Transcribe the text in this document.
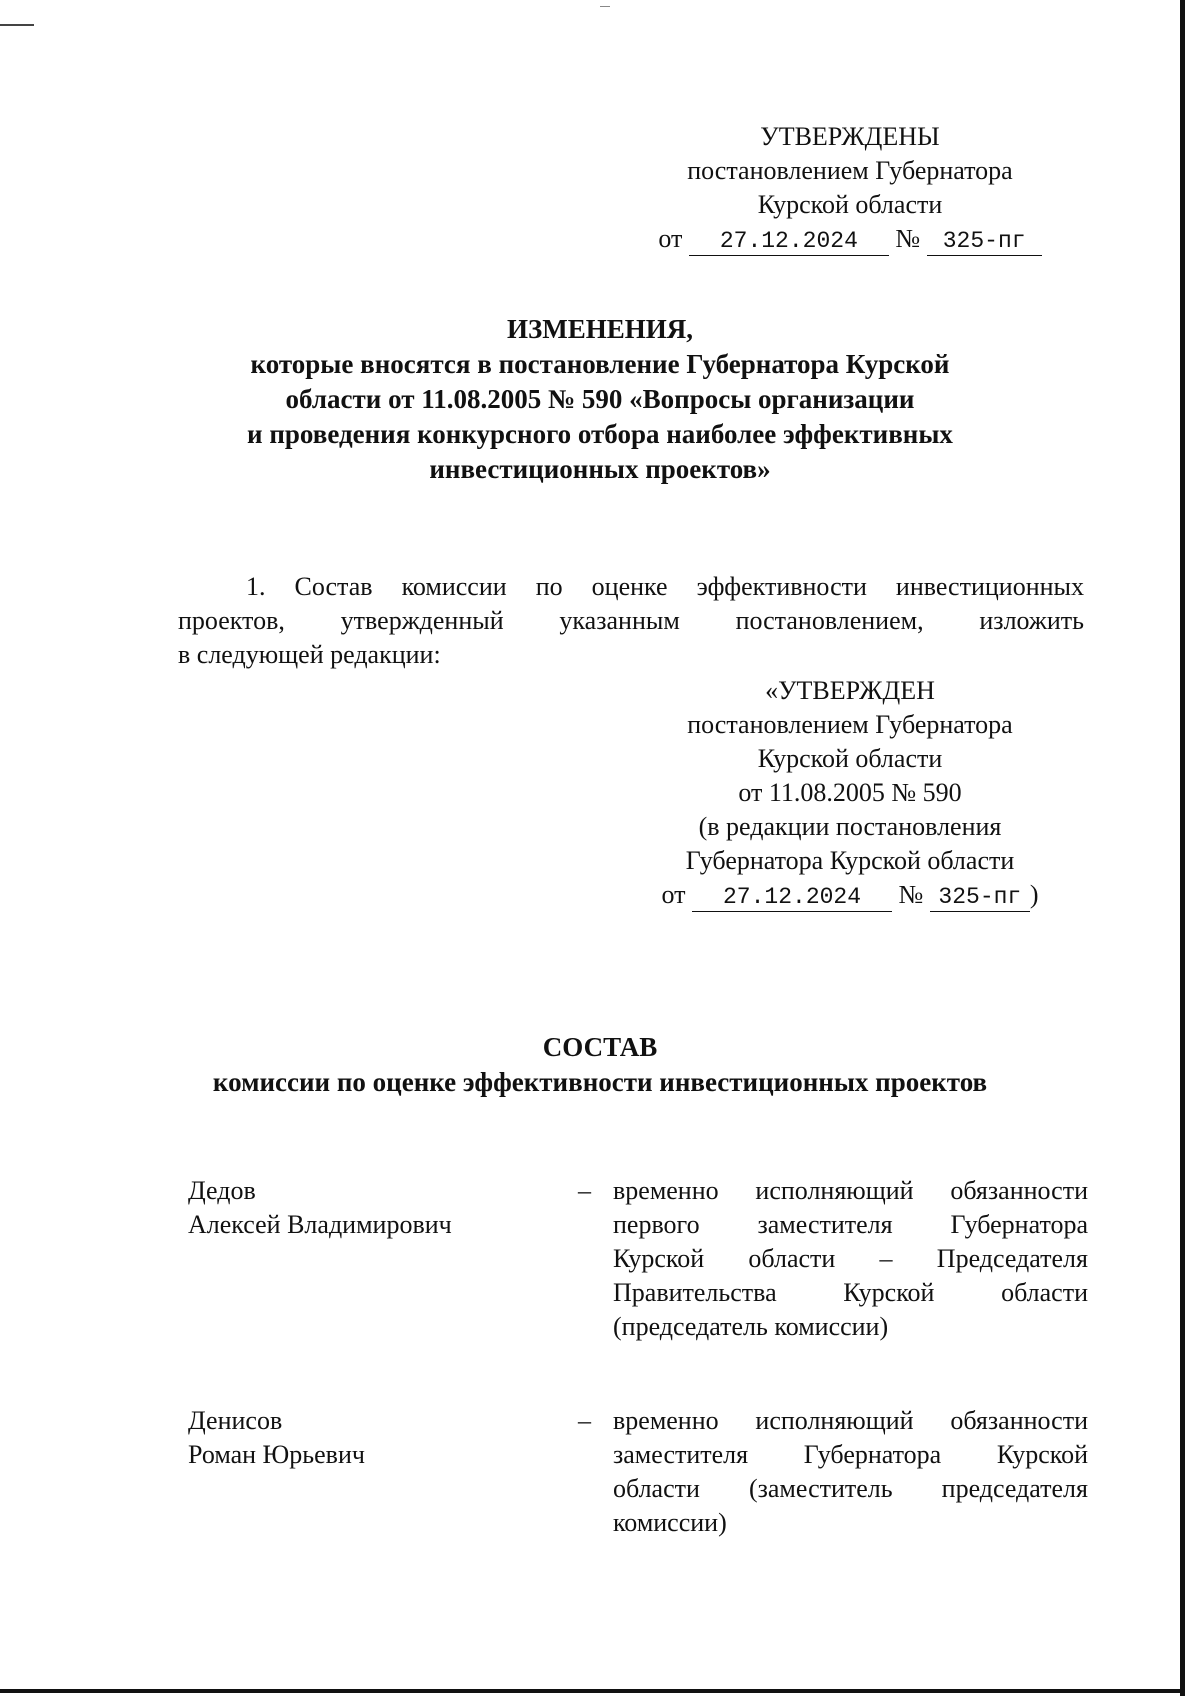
УТВЕРЖДЕНЫ
постановлением Губернатора
Курской области
от 27.12.2024 № 325-пг
ИЗМЕНЕНИЯ,
которые вносятся в постановление Губернатора Курской
области от 11.08.2005 № 590 «Вопросы организации
и проведения конкурсного отбора наиболее эффективных
инвестиционных проектов»
1. Состав комиссии по оценке эффективности инвестиционных
проектов, утвержденный указанным постановлением, изложить
в следующей редакции:
«УТВЕРЖДЕН
постановлением Губернатора
Курской области
от 11.08.2005 № 590
(в редакции постановления
Губернатора Курской области
от 27.12.2024 № 325-пг )
СОСТАВ
комиссии по оценке эффективности инвестиционных проектов
Дедов
Алексей Владимирович
– временно исполняющий обязанности
первого заместителя Губернатора
Курской области – Председателя
Правительства Курской области
(председатель комиссии)
Денисов
Роман Юрьевич
– временно исполняющий обязанности
заместителя Губернатора Курской
области (заместитель председателя
комиссии)
